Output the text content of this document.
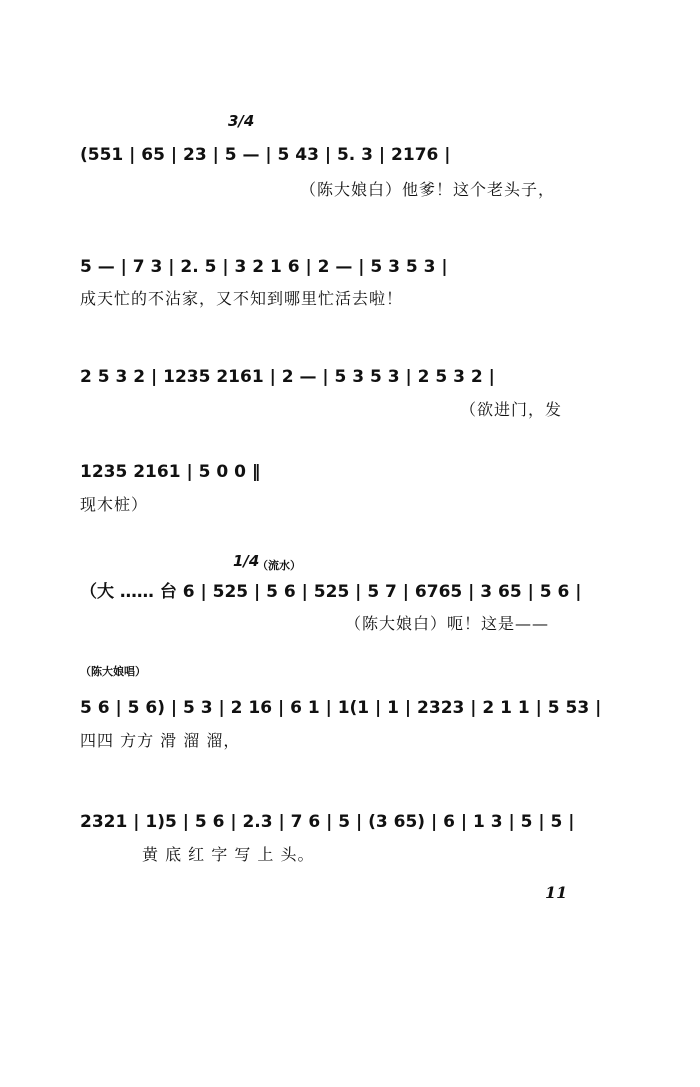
3/4
(551 | 65 | 23 | 5 — | 5 43 | 5. 3 | 2176 |
（陈大娘白）他爹！这个老头子，
5 — | 7 3 | 2. 5 | 3 2 1 6 | 2 — | 5 3 5 3 |
成天忙的不沾家，又不知到哪里忙活去啦！
2 5 3 2 | 1235 2161 | 2 — | 5 3 5 3 | 2 5 3 2 |
（欲进门，发
1235 2161 | 5 0 0 ‖
现木桩）
1/4
（流水）
（大 …… 台 6 | 525 | 5 6 | 525 | 5 7 | 6765 | 3 65 | 5 6 |
（陈大娘白）呃！这是——
（陈大娘唱）
5 6 | 5 6) | 5 3 | 2 16 | 6 1 | 1(1 | 1 | 2323 | 2 1 1 | 5 53 |
四四 方方 滑 溜 溜，
2321 | 1)5 | 5 6 | 2.3 | 7 6 | 5 | (3 65) | 6 | 1 3 | 5 | 5 |
黄 底 红 字 写 上 头。
11
